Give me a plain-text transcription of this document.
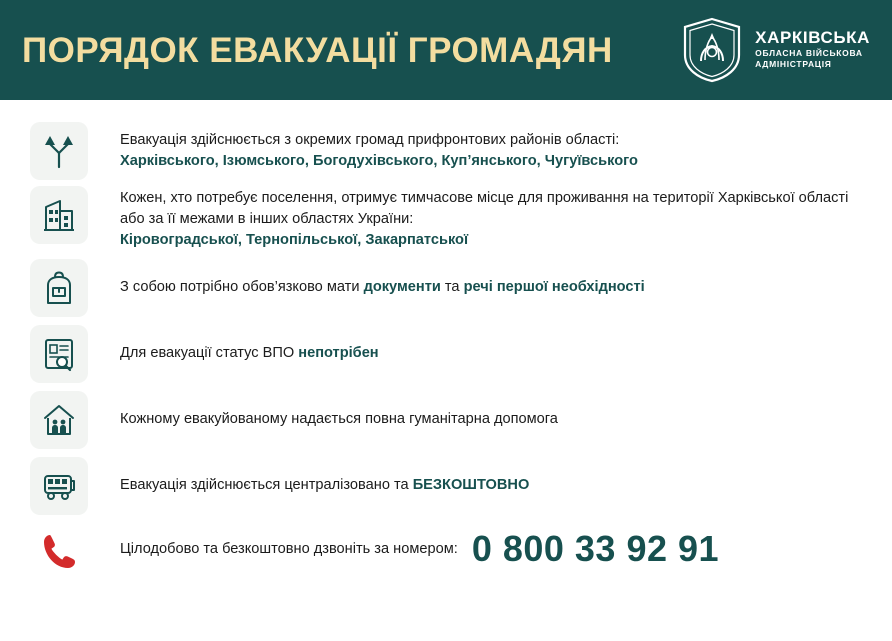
ПОРЯДОК ЕВАКУАЦІЇ ГРОМАДЯН	ХАРКІВСЬКА
ОБЛАСНА ВІЙСЬКОВА
АДМІНІСТРАЦІЯ
Евакуація здійснюється з окремих громад прифронтових районів області:
Харківського, Ізюмського, Богодухівського, Куп’янського, Чугуївського
Кожен, хто потребує поселення, отримує тимчасове місце для проживання на території Харківської області або за її межами в інших областях України:
Кіровоградської, Тернопільської, Закарпатської
З собою потрібно обов’язково мати документи та речі першої необхідності
Для евакуації статус ВПО непотрібен
Кожному евакуйованому надається повна гуманітарна допомога
Евакуація здійснюється централізовано та БЕЗКОШТОВНО
Цілодобово та безкоштовно дзвоніть за номером: 0 800 33 92 91
